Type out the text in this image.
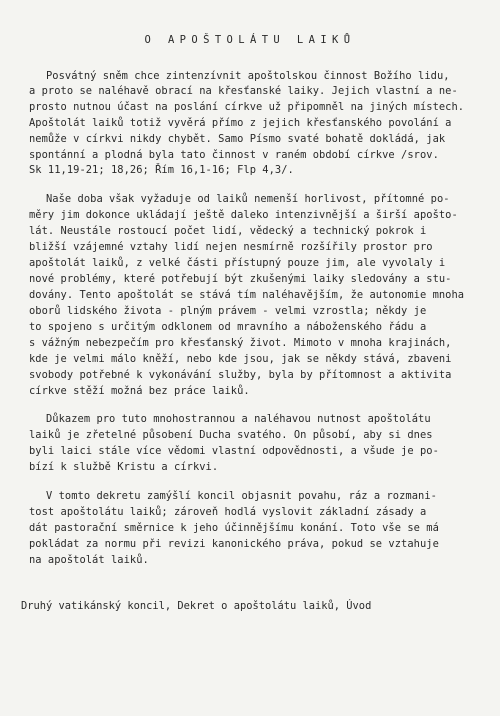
O APOŠTOLÁTU LAIKŮ
Posvátný sněm chce zintenzívnit apoštolskou činnost Božího lidu,
a proto se naléhavě obrací na křesťanské laiky. Jejich vlastní a ne-
prosto nutnou účast na poslání církve už připomněl na jiných místech.
Apoštolát laiků totiž vyvěrá přímo z jejich křesťanského povolání a
nemůže v církvi nikdy chybět. Samo Písmo svaté bohatě dokládá, jak
spontánní a plodná byla tato činnost v raném období církve /srov.
Sk 11,19-21; 18,26; Řím 16,1-16; Flp 4,3/.
Naše doba však vyžaduje od laiků nemenší horlivost, přítomné po-
měry jim dokonce ukládají ještě daleko intenzivnější a širší apošto-
lát. Neustále rostoucí počet lidí, vědecký a technický pokrok i
bližší vzájemné vztahy lidí nejen nesmírně rozšířily prostor pro
apoštolát laiků, z velké části přístupný pouze jim, ale vyvolaly i
nové problémy, které potřebují být zkušenými laiky sledovány a stu-
dovány. Tento apoštolát se stává tím naléhavějším, že autonomie mnoha
oborů lidského života - plným právem - velmi vzrostla; někdy je
to spojeno s určitým odklonem od mravního a náboženského řádu a
s vážným nebezpečím pro křesťanský život. Mimoto v mnoha krajinách,
kde je velmi málo kněží, nebo kde jsou, jak se někdy stává, zbaveni
svobody potřebné k vykonávání služby, byla by přítomnost a aktivita
církve stěží možná bez práce laiků.
Důkazem pro tuto mnohostrannou a naléhavou nutnost apoštolátu
laiků je zřetelné působení Ducha svatého. On působí, aby si dnes
byli laici stále více vědomi vlastní odpovědnosti, a všude je po-
bízí k službě Kristu a církvi.
V tomto dekretu zamýšlí koncil objasnit povahu, ráz a rozmani-
tost apoštolátu laiků; zároveň hodlá vyslovit základní zásady a
dát pastorační směrnice k jeho účinnějšímu konání. Toto vše se má
pokládat za normu při revizi kanonického práva, pokud se vztahuje
na apoštolát laiků.
Druhý vatikánský koncil, Dekret o apoštolátu laiků, Úvod
